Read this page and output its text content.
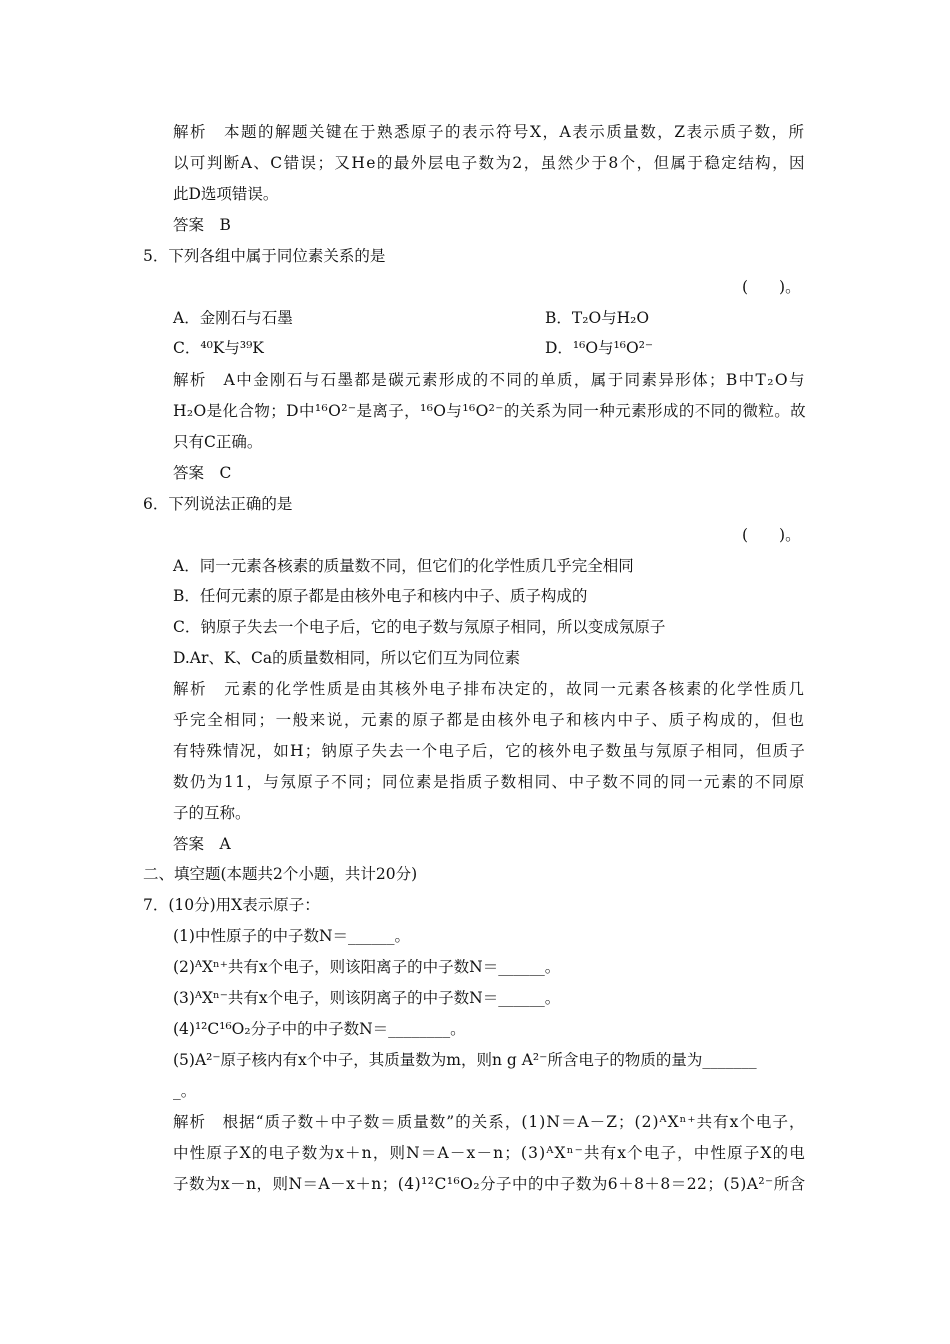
解析　本题的解题关键在于熟悉原子的表示符号X，A表示质量数，Z表示质子数，所
以可判断A、C错误；又He的最外层电子数为2，虽然少于8个，但属于稳定结构，因
此D选项错误。
答案　B
5．下列各组中属于同位素关系的是
(　　)。
A．金刚石与石墨	B．T₂O与H₂O
C．⁴⁰K与³⁹K	D．¹⁶O与¹⁶O²⁻
解析　A中金刚石与石墨都是碳元素形成的不同的单质，属于同素异形体；B中T₂O与
H₂O是化合物；D中¹⁶O²⁻是离子，¹⁶O与¹⁶O²⁻的关系为同一种元素形成的不同的微粒。故
只有C正确。
答案　C
6．下列说法正确的是
(　　)。
A．同一元素各核素的质量数不同，但它们的化学性质几乎完全相同
B．任何元素的原子都是由核外电子和核内中子、质子构成的
C．钠原子失去一个电子后，它的电子数与氖原子相同，所以变成氖原子
D.Ar、K、Ca的质量数相同，所以它们互为同位素
解析　元素的化学性质是由其核外电子排布决定的，故同一元素各核素的化学性质几
乎完全相同；一般来说，元素的原子都是由核外电子和核内中子、质子构成的，但也
有特殊情况，如H；钠原子失去一个电子后，它的核外电子数虽与氖原子相同，但质子
数仍为11，与氖原子不同；同位素是指质子数相同、中子数不同的同一元素的不同原
子的互称。
答案　A
二、填空题(本题共2个小题，共计20分)
7．(10分)用X表示原子：
(1)中性原子的中子数N＝______。
(2)ᴬXⁿ⁺共有x个电子，则该阳离子的中子数N＝______。
(3)ᴬXⁿ⁻共有x个电子，则该阴离子的中子数N＝______。
(4)¹²C¹⁶O₂分子中的中子数N＝________。
(5)A²⁻原子核内有x个中子，其质量数为m，则n g A²⁻所含电子的物质的量为_______
_。
解析　根据“质子数＋中子数＝质量数”的关系，(1)N＝A－Z；(2)ᴬXⁿ⁺共有x个电子，
中性原子X的电子数为x＋n，则N＝A－x－n；(3)ᴬXⁿ⁻共有x个电子，中性原子X的电
子数为x－n，则N＝A－x＋n；(4)¹²C¹⁶O₂分子中的中子数为6＋8＋8＝22；(5)A²⁻所含
